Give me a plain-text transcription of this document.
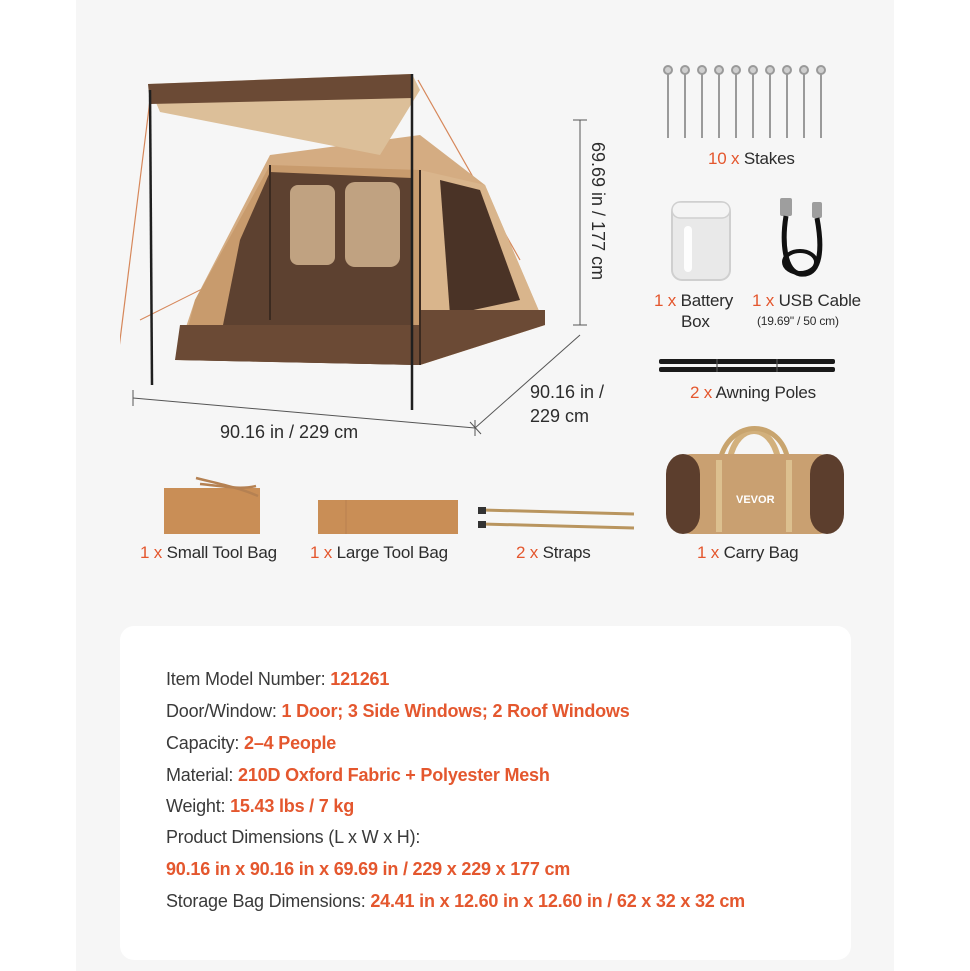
69.69 in / 177 cm
90.16 in / 229 cm
90.16 in /
229 cm
10 x Stakes
1 x Battery
Box
1 x USB Cable
(19.69" / 50 cm)
2 x Awning Poles
1 x Small Tool Bag 1 x Large Tool Bag	2 x Straps
VEVOR
1 x Carry Bag
Item Model Number: 121261
Door/Window: 1 Door; 3 Side Windows; 2 Roof Windows
Capacity: 2–4 People
Material: 210D Oxford Fabric + Polyester Mesh
Weight: 15.43 lbs / 7 kg
Product Dimensions (L x W x H):
90.16 in x 90.16 in x 69.69 in / 229 x 229 x 177 cm
Storage Bag Dimensions: 24.41 in x 12.60 in x 12.60 in / 62 x 32 x 32 cm
